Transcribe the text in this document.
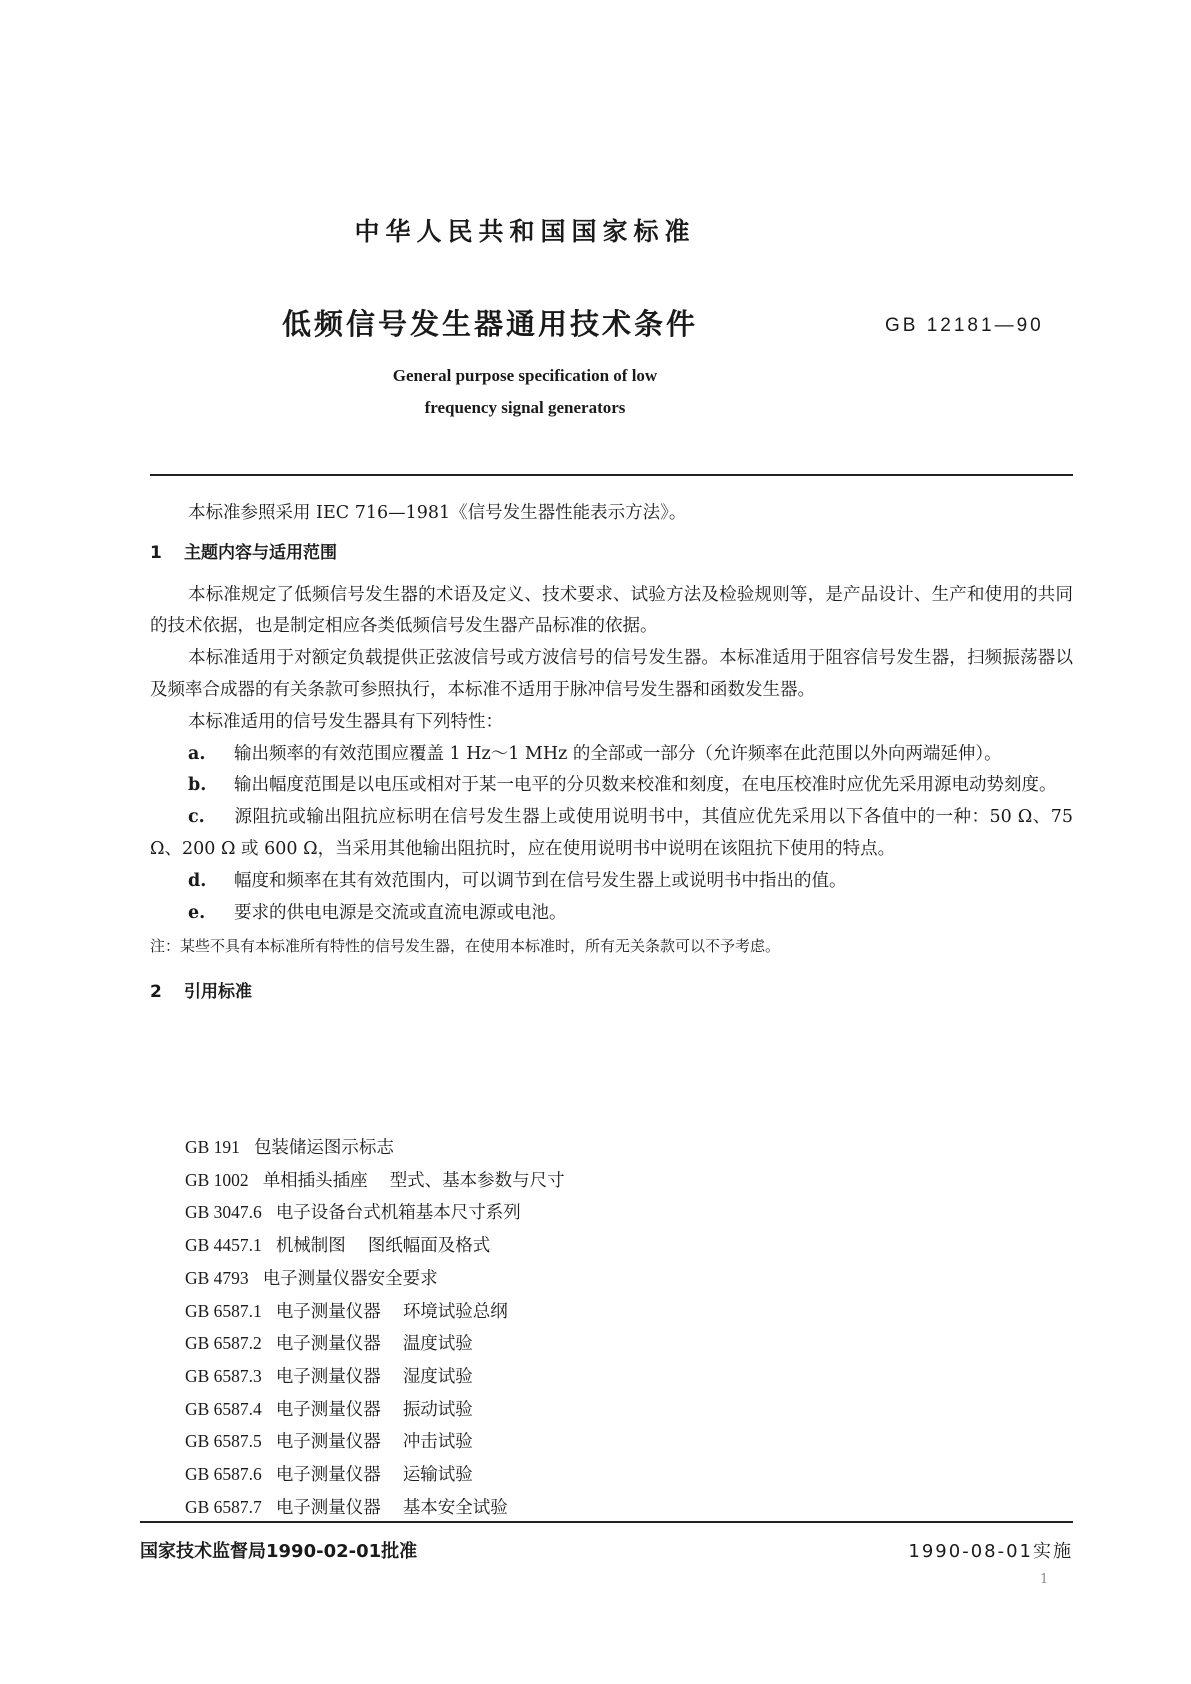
中华人民共和国国家标准
低频信号发生器通用技术条件	GB 12181—90
General purpose specification of low
frequency signal generators

本标准参照采用 IEC 716—1981《信号发生器性能表示方法》。

1 主题内容与适用范围

本标准规定了低频信号发生器的术语及定义、技术要求、试验方法及检验规则等，是产品设计、生产和使用的共同的技术依据，也是制定相应各类低频信号发生器产品标准的依据。

本标准适用于对额定负载提供正弦波信号或方波信号的信号发生器。本标准适用于阻容信号发生器，扫频振荡器以及频率合成器的有关条款可参照执行，本标准不适用于脉冲信号发生器和函数发生器。

本标准适用的信号发生器具有下列特性：

a. 输出频率的有效范围应覆盖 1 Hz～1 MHz 的全部或一部分（允许频率在此范围以外向两端延伸）。

b. 输出幅度范围是以电压或相对于某一电平的分贝数来校准和刻度，在电压校准时应优先采用源电动势刻度。

c. 源阻抗或输出阻抗应标明在信号发生器上或使用说明书中，其值应优先采用以下各值中的一种：50 Ω、75 Ω、200 Ω 或 600 Ω，当采用其他输出阻抗时，应在使用说明书中说明在该阻抗下使用的特点。

d. 幅度和频率在其有效范围内，可以调节到在信号发生器上或说明书中指出的值。

e. 要求的供电电源是交流或直流电源或电池。

注：某些不具有本标准所有特性的信号发生器，在使用本标准时，所有无关条款可以不予考虑。
2 引用标准
GB 191 包装储运图示标志
GB 1002 单相插头插座 型式、基本参数与尺寸
GB 3047.6 电子设备台式机箱基本尺寸系列
GB 4457.1 机械制图 图纸幅面及格式
GB 4793 电子测量仪器安全要求
GB 6587.1 电子测量仪器 环境试验总纲
GB 6587.2 电子测量仪器 温度试验
GB 6587.3 电子测量仪器 湿度试验
GB 6587.4 电子测量仪器 振动试验
GB 6587.5 电子测量仪器 冲击试验
GB 6587.6 电子测量仪器 运输试验
GB 6587.7 电子测量仪器 基本安全试验
国家技术监督局1990-02-01批准	1990-08-01实施
1
